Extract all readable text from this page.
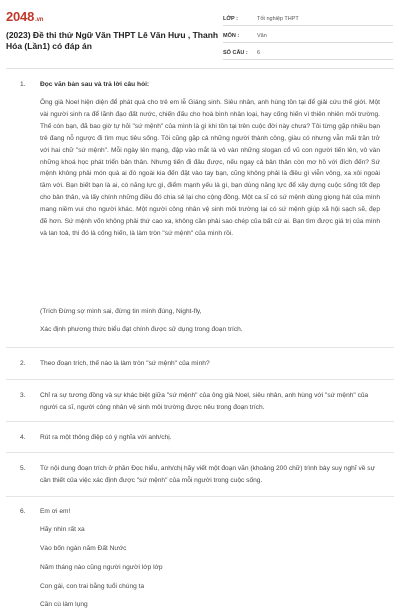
2048.vn
(2023) Đề thi thử Ngữ Văn THPT Lê Văn Hưu , Thanh Hóa (Lần1) có đáp án
LỚP :	Tốt nghiệp THPT
MÔN :	Văn
SỐ CÂU :	6
1. Đọc văn bản sau và trả lời câu hỏi:
Ông già Noel hiện diện để phát quà cho trẻ em lễ Giáng sinh. Siêu nhân, anh hùng tồn tại để giải cứu thế giới. Một vài người sinh ra để lãnh đạo đất nước, chiến đấu cho hoà bình nhân loại, hay cống hiến vì thiên nhiên môi trường. Thế còn bạn, đã bao giờ tự hỏi "sứ mệnh" của mình là gì khi tồn tại trên cuộc đời này chưa? Tôi từng gặp nhiều bạn trẻ đang nỗ ngược đi tìm mục tiêu sống. Tôi cũng gặp cả những người thành công, giàu có nhưng vẫn mãi trăn trở với hai chữ "sứ mệnh". Mỗi ngày lên mạng, đập vào mắt là vô vàn những slogan cổ vũ con người tiến lên, vô vàn những khoá học phát triển bản thân. Nhưng tiến đi đâu được, nếu ngay cả bản thân còn mơ hồ với đích đến? Sứ mệnh không phải món quà ai đó ngoài kia đến đặt vào tay bạn, cũng không phải là điều gì viễn vông, xa xôi ngoài tầm với. Bạn biết bạn là ai, có năng lực gì, điểm mạnh yếu là gì, bạn dùng năng lực để xây dựng cuộc sống tốt đẹp cho bản thân, và lấy chính những điều đó chia sẻ lại cho cộng đồng. Một ca sĩ có sứ mệnh dùng giọng hát của mình mang niềm vui cho người khác. Một người công nhân vệ sinh môi trường lại có sứ mệnh giúp xã hội sạch sẽ, đẹp đẽ hơn. Sứ mệnh vốn không phải thứ cao xa, không cần phải sao chép của bất cứ ai. Bạn tìm được giá trị của mình và lan toả, thì đó là cống hiến, là làm tròn "sứ mệnh" của mình rồi.
(Trích Đừng sợ mình sai, đừng tin mình đúng, Night-fly,
Xác định phương thức biểu đạt chính được sử dụng trong đoạn trích.
2. Theo đoạn trích, thế nào là làm tròn "sứ mệnh" của mình?
3. Chỉ ra sự tương đồng và sự khác biệt giữa "sứ mệnh" của ông già Noel, siêu nhân, anh hùng với "sứ mệnh" của người ca sĩ, người công nhân vệ sinh môi trường được nêu trong đoạn trích.
4. Rút ra một thông điệp có ý nghĩa với anh/chị.
5. Từ nội dung đoạn trích ở phần Đọc hiểu, anh/chị hãy viết một đoạn văn (khoảng 200 chữ) trình bày suy nghĩ về sự cần thiết của việc xác định được "sứ mệnh" của mỗi người trong cuộc sống.
6. Em ơi em!
Hãy nhìn rất xa
Vào bốn ngàn năm Đất Nước
Năm tháng nào cũng người người lớp lớp
Con gái, con trai bằng tuổi chúng ta
Cần cù làm lụng
